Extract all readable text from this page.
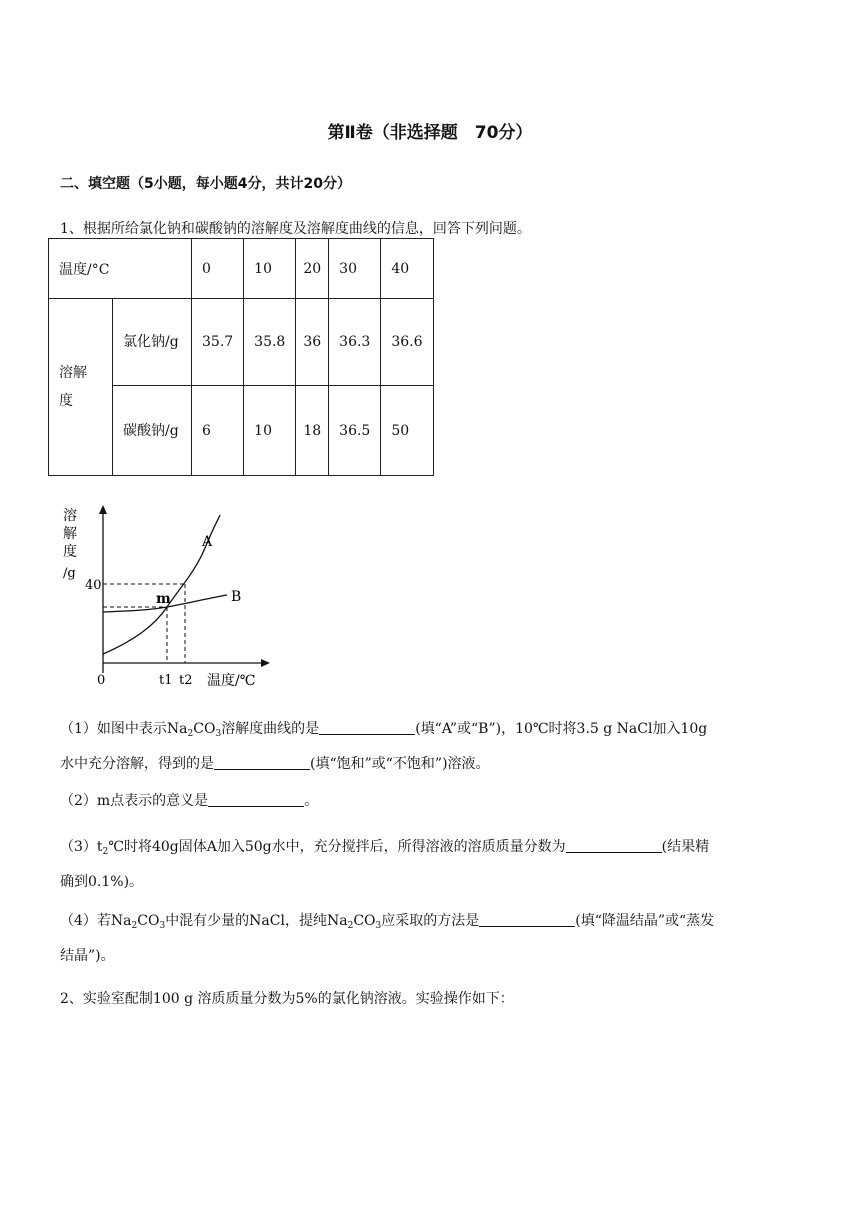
第Ⅱ卷（非选择题　70分）
二、填空题（5小题，每小题4分，共计20分）
1、根据所给氯化钠和碳酸钠的溶解度及溶解度曲线的信息，回答下列问题。
温度/°C		0	10	20	30	40

溶解度	氯化钠/g	35.7	35.8	36	36.3	36.6

	碳酸钠/g	6	10	18	36.5	50
溶
解
度
/g
40
A
B
m
0	t1 t2 温度/℃
（1）如图中表示$Na_2CO_3$溶解度曲线的是	(填“A”或“B”)，10℃时将3.5 g NaCl加入10g
水中充分溶解，得到的是	(填“饱和”或“不饱和”)溶液。
（2）m点表示的意义是	。
$(3)t_2℃$时将40g固体A加入50g水中，充分搅拌后，所得溶液的溶质质量分数为	(结果精
确到0.1%)。
（4）若$Na_2CO_3$中混有少量的NaCl，提纯$Na_2CO_3$应采取的方法是	(填“降温结晶”或“蒸发
结晶”)。
2、实验室配制100 g 溶质质量分数为5%的氯化钠溶液。实验操作如下：
